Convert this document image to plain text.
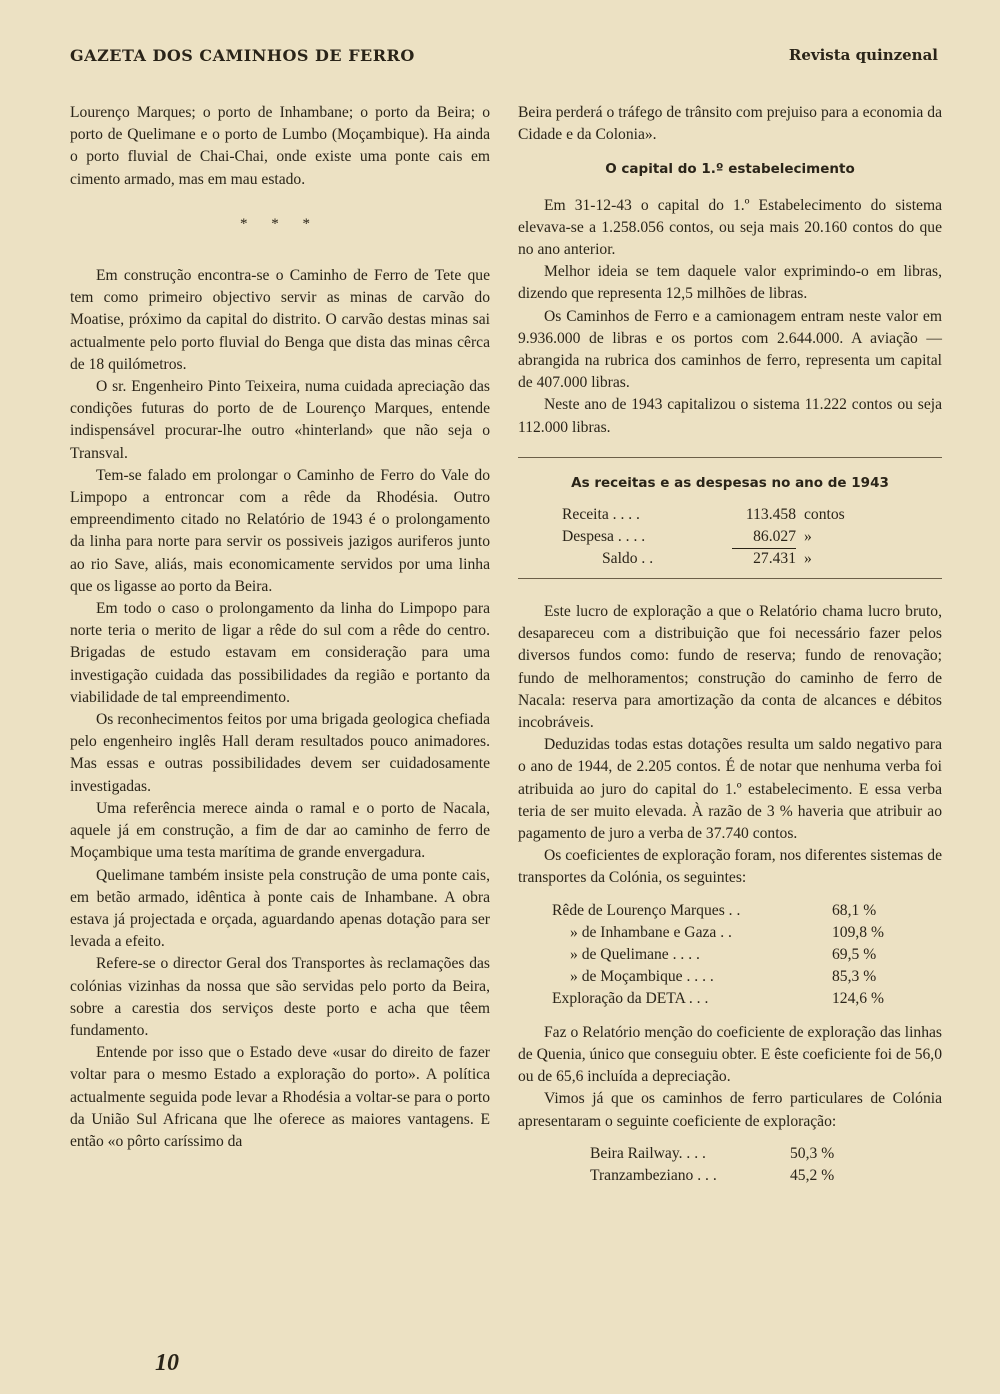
GAZETA DOS CAMINHOS DE FERRO	Revista quinzenal

Lourenço Marques; o porto de Inhambane; o porto da Beira; o porto de Quelimane e o porto de Lumbo (Moçambique). Ha ainda o porto fluvial de Chai-Chai, onde existe uma ponte cais em cimento armado, mas em mau estado.

* * *

Em construção encontra-se o Caminho de Ferro de Tete que tem como primeiro objectivo servir as minas de carvão do Moatise, próximo da capital do distrito. O carvão destas minas sai actualmente pelo porto fluvial do Benga que dista das minas cêrca de 18 quilómetros.

O sr. Engenheiro Pinto Teixeira, numa cuidada apreciação das condições futuras do porto de de Lourenço Marques, entende indispensável procurar-lhe outro «hinterland» que não seja o Transval.

Tem-se falado em prolongar o Caminho de Ferro do Vale do Limpopo a entroncar com a rêde da Rhodésia. Outro empreendimento citado no Relatório de 1943 é o prolongamento da linha para norte para servir os possiveis jazigos auriferos junto ao rio Save, aliás, mais economicamente servidos por uma linha que os ligasse ao porto da Beira.

Em todo o caso o prolongamento da linha do Limpopo para norte teria o merito de ligar a rêde do sul com a rêde do centro. Brigadas de estudo estavam em consideração para uma investigação cuidada das possibilidades da região e portanto da viabilidade de tal empreendimento.

Os reconhecimentos feitos por uma brigada geologica chefiada pelo engenheiro inglês Hall deram resultados pouco animadores. Mas essas e outras possibilidades devem ser cuidadosamente investigadas.

Uma referência merece ainda o ramal e o porto de Nacala, aquele já em construção, a fim de dar ao caminho de ferro de Moçambique uma testa marítima de grande envergadura.

Quelimane também insiste pela construção de uma ponte cais, em betão armado, idêntica à ponte cais de Inhambane. A obra estava já projectada e orçada, aguardando apenas dotação para ser levada a efeito.

Refere-se o director Geral dos Transportes às reclamações das colónias vizinhas da nossa que são servidas pelo porto da Beira, sobre a carestia dos serviços deste porto e acha que têem fundamento.

Entende por isso que o Estado deve «usar do direito de fazer voltar para o mesmo Estado a exploração do porto». A política actualmente seguida pode levar a Rhodésia a voltar-se para o porto da União Sul Africana que lhe oferece as maiores vantagens. E então «o pôrto caríssimo da

Beira perderá o tráfego de trânsito com prejuiso para a economia da Cidade e da Colonia».

O capital do 1.º estabelecimento

Em 31-12-43 o capital do 1.º Estabelecimento do sistema elevava-se a 1.258.056 contos, ou seja mais 20.160 contos do que no ano anterior.

Melhor ideia se tem daquele valor exprimindo-o em libras, dizendo que representa 12,5 milhões de libras.

Os Caminhos de Ferro e a camionagem entram neste valor em 9.936.000 de libras e os portos com 2.644.000. A aviação — abrangida na rubrica dos caminhos de ferro, representa um capital de 407.000 libras.

Neste ano de 1943 capitalizou o sistema 11.222 contos ou seja 112.000 libras.

As receitas e as despesas no ano de 1943
Receita . . . .	113.458 contos
Despesa . . . .	86.027 »
Saldo . .	27.431 »

Este lucro de exploração a que o Relatório chama lucro bruto, desapareceu com a distribuição que foi necessário fazer pelos diversos fundos como: fundo de reserva; fundo de renovação; fundo de melhoramentos; construção do caminho de ferro de Nacala: reserva para amortização da conta de alcances e débitos incobráveis.

Deduzidas todas estas dotações resulta um saldo negativo para o ano de 1944, de 2.205 contos. É de notar que nenhuma verba foi atribuida ao juro do capital do 1.º estabelecimento. E essa verba teria de ser muito elevada. À razão de 3 % haveria que atribuir ao pagamento de juro a verba de 37.740 contos.

Os coeficientes de exploração foram, nos diferentes sistemas de transportes da Colónia, os seguintes:

Rêde de Lourenço Marques . .	68,1 %
» de Inhambane e Gaza . .	109,8 %
» de Quelimane . . . .	69,5 %
» de Moçambique . . . .	85,3 %
Exploração da DETA . . .	124,6 %

Faz o Relatório menção do coeficiente de exploração das linhas de Quenia, único que conseguiu obter. E êste coeficiente foi de 56,0 ou de 65,6 incluída a depreciação.

Vimos já que os caminhos de ferro particulares de Colónia apresentaram o seguinte coeficiente de exploração:

Beira Railway. . . .	50,3 %
Tranzambeziano . . .	45,2 %
10
